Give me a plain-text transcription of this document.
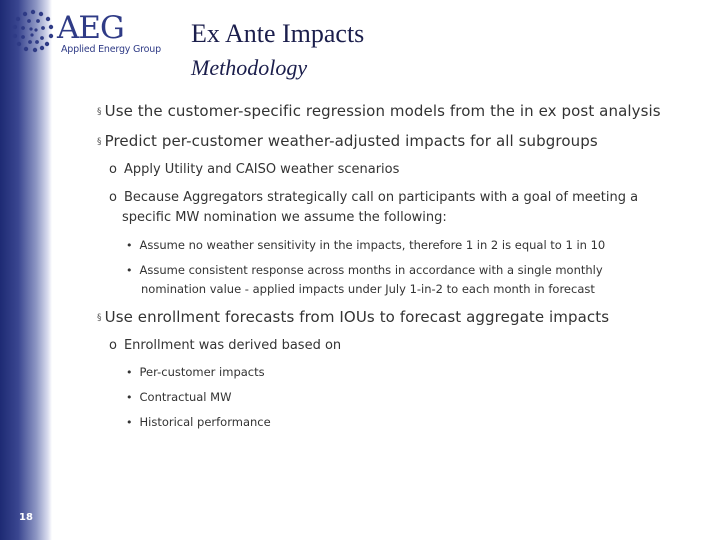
18
AEG
Applied Energy Group
Ex Ante Impacts
Methodology
§ Use the customer-specific regression models from the in ex post analysis
§ Predict per-customer weather-adjusted impacts for all subgroups
o Apply Utility and CAISO weather scenarios
o Because Aggregators strategically call on participants with a goal of meeting a
specific MW nomination we assume the following:
• Assume no weather sensitivity in the impacts, therefore 1 in 2 is equal to 1 in 10
• Assume consistent response across months in accordance with a single monthly
nomination value - applied impacts under July 1-in-2 to each month in forecast
§ Use enrollment forecasts from IOUs to forecast aggregate impacts
o Enrollment was derived based on
• Per-customer impacts
• Contractual MW
• Historical performance
